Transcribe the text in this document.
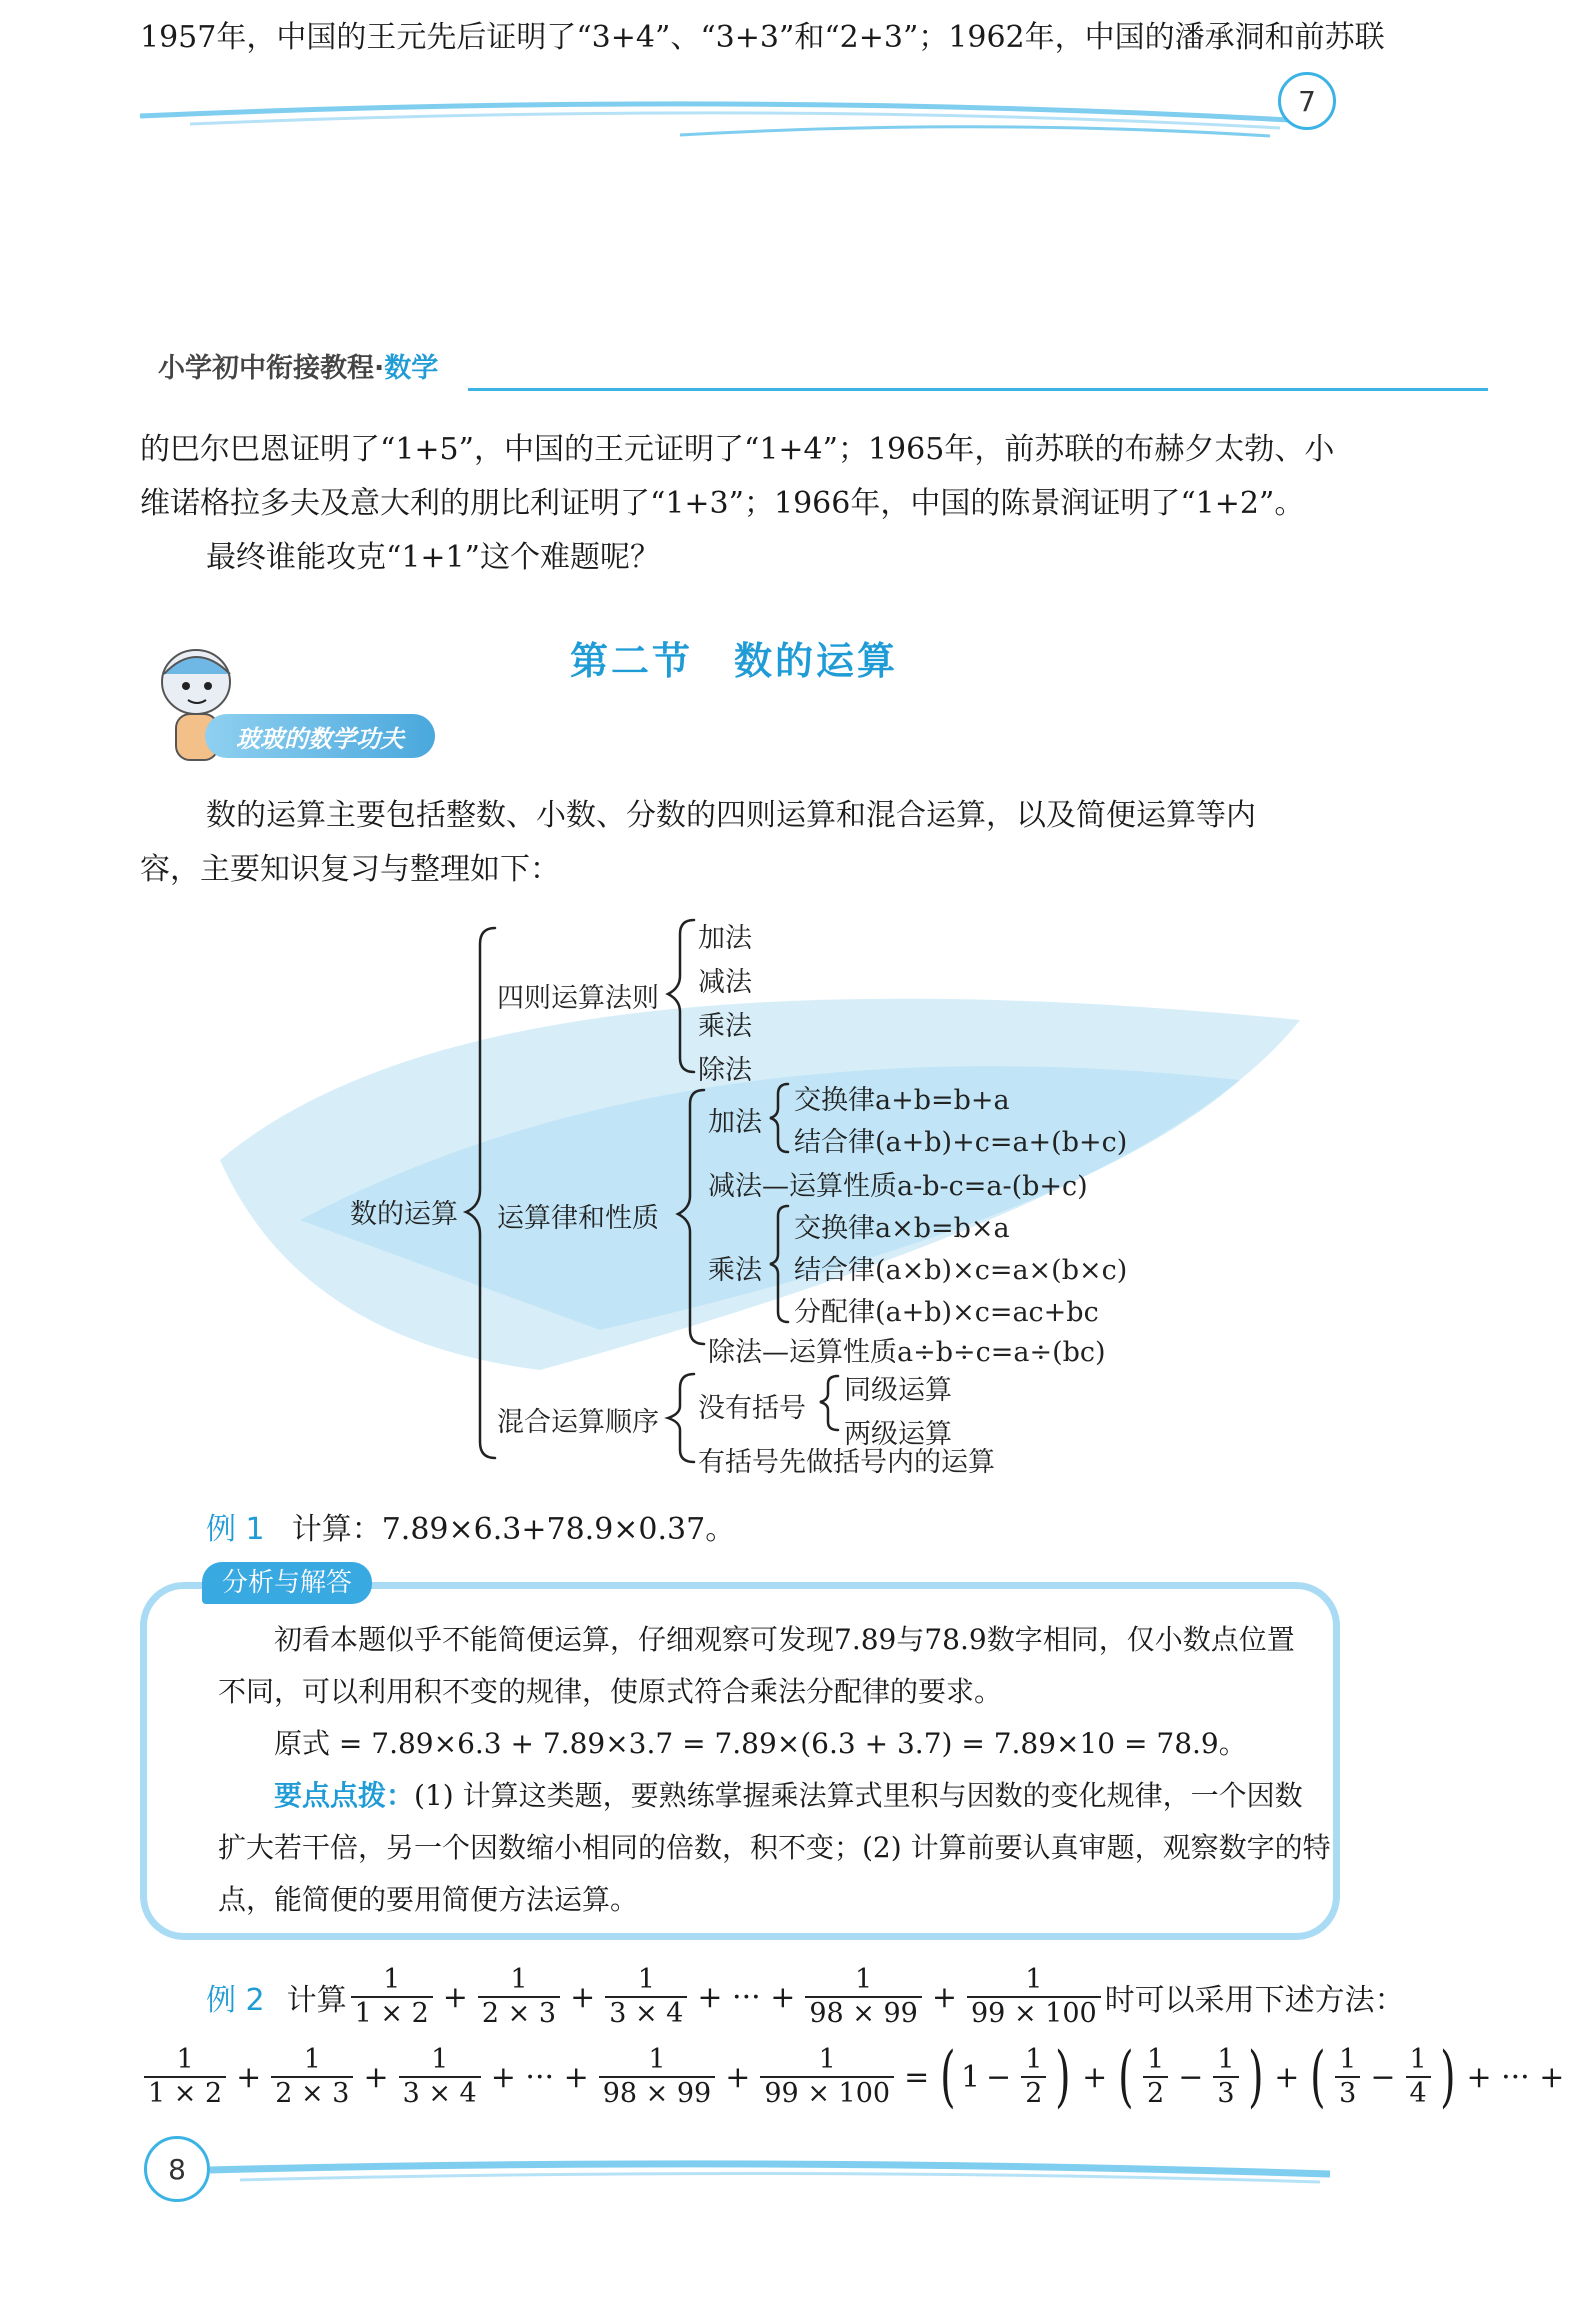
1957年，中国的王元先后证明了“3+4”、“3+3”和“2+3”；1962年，中国的潘承洞和前苏联
7
小学初中衔接教程·数学
的巴尔巴恩证明了“1+5”，中国的王元证明了“1+4”；1965年，前苏联的布赫夕太勃、小
维诺格拉多夫及意大利的朋比利证明了“1+3”；1966年，中国的陈景润证明了“1+2”。
最终谁能攻克“1+1”这个难题呢？
第二节　数的运算
玻玻的数学功夫
数的运算主要包括整数、小数、分数的四则运算和混合运算，以及简便运算等内
容，主要知识复习与整理如下：
数的运算
四则运算法则
加法
减法
乘法
除法
运算律和性质
加法
交换律a+b=b+a
结合律(a+b)+c=a+(b+c)
减法—运算性质a-b-c=a-(b+c)
乘法
交换律a×b=b×a
结合律(a×b)×c=a×(b×c)
分配律(a+b)×c=ac+bc
除法—运算性质a÷b÷c=a÷(bc)
混合运算顺序 没有括号
同级运算
两级运算
有括号先做括号内的运算
例 1 计算：7.89×6.3+78.9×0.37。
分析与解答
初看本题似乎不能简便运算，仔细观察可发现7.89与78.9数字相同，仅小数点位置
不同，可以利用积不变的规律，使原式符合乘法分配律的要求。
原式 = 7.89×6.3 + 7.89×3.7 = 7.89×(6.3 + 3.7) = 7.89×10 = 78.9。
要点点拨：(1) 计算这类题，要熟练掌握乘法算式里积与因数的变化规律，一个因数
扩大若干倍，另一个因数缩小相同的倍数，积不变；(2) 计算前要认真审题，观察数字的特
点，能简便的要用简便方法运算。
例 2 计算 $\frac{1}{1 \times 2} + \frac{1}{2 \times 3} + \frac{1}{3 \times 4}$ + ··· + $\frac{1}{98 \times 99} + \frac{1}{99 \times 100}$ 时可以采用下述方法：
$\frac{1}{1 \times 2} + \frac{1}{2 \times 3} + \frac{1}{3 \times 4}$ + ··· + $\frac{1}{98 \times 99} + \frac{1}{99 \times 100}$ = ( $1 - \frac{1}{2}$ ) + ( $\frac{1}{2} - \frac{1}{3}$ ) + ( $\frac{1}{3} - \frac{1}{4}$ ) + ··· +
8
